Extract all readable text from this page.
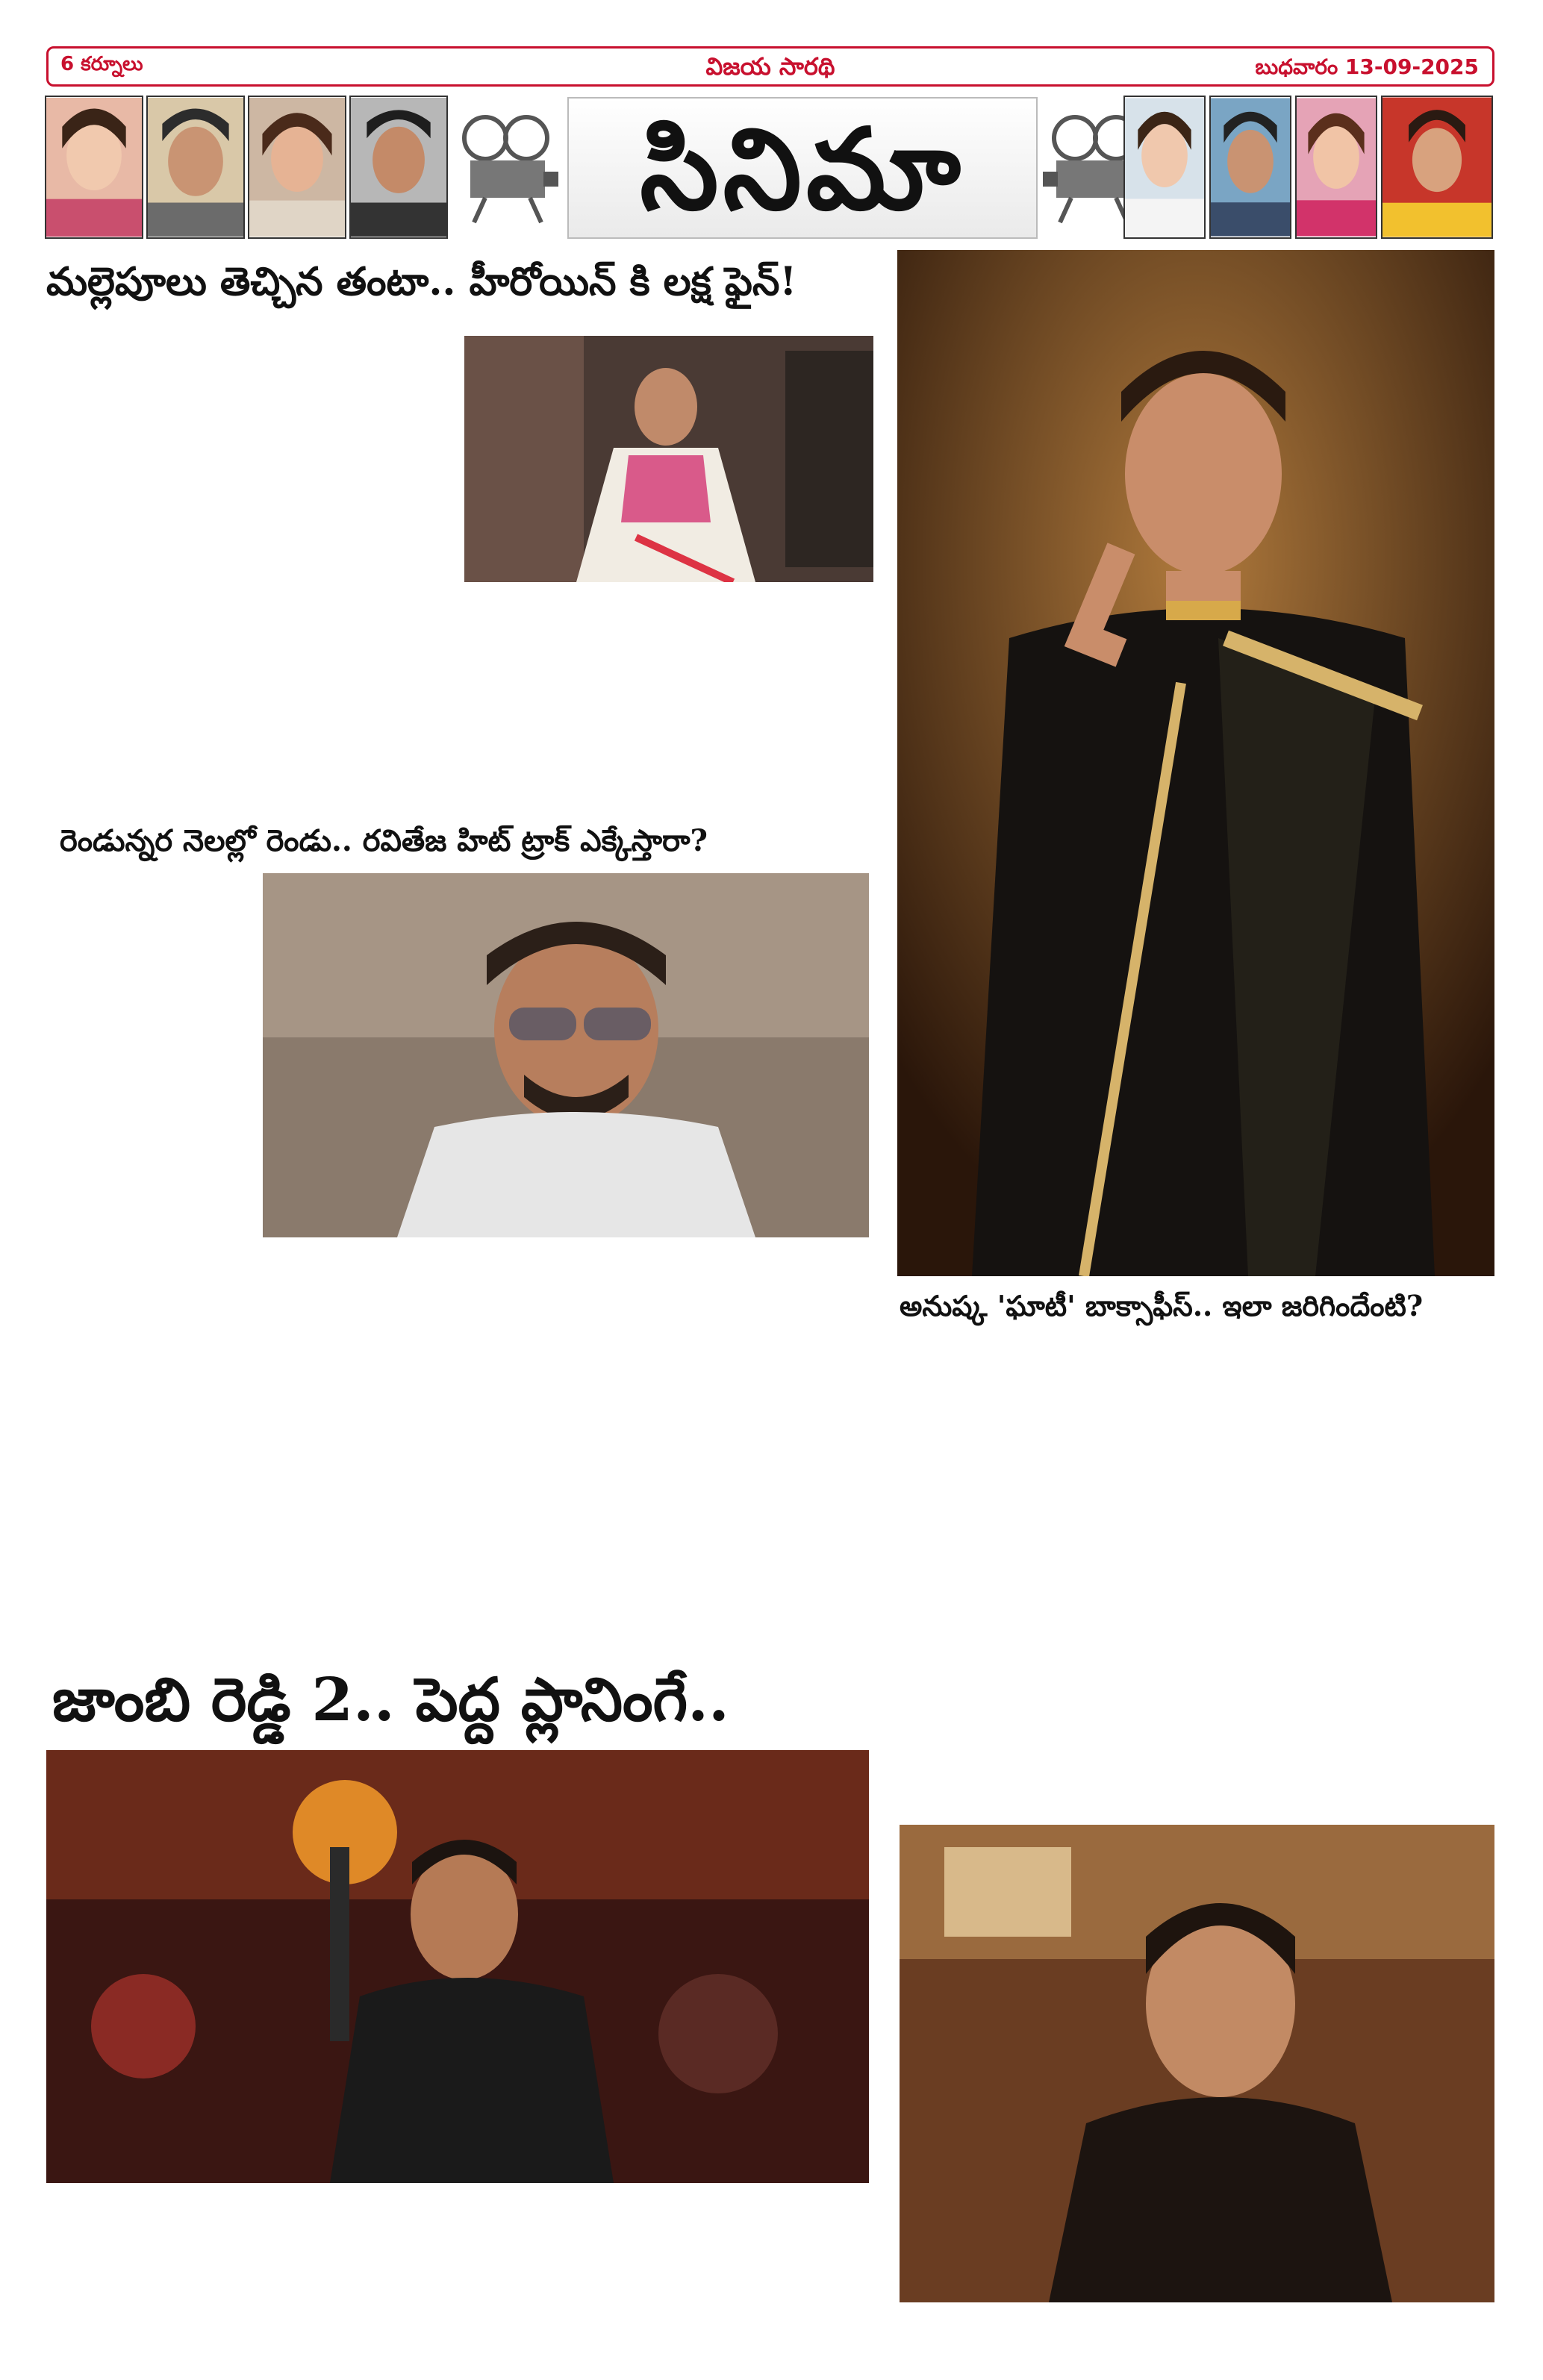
విజయ సారథి
6 కర్నూలు	బుధవారం 13-09-2025
సినిమా
మల్లెపూలు తెచ్చిన తంటా.. హీరోయిన్ కి లక్ష ఫైన్!
రెండున్నర నెలల్లో రెండు.. రవితేజ హిట్ ట్రాక్ ఎక్కేస్తారా?
అనుష్క 'ఘాటీ' బాక్సాఫీస్.. ఇలా జరిగిందేంటి?
జాంబి రెడ్డి 2.. పెద్ద ప్లానింగే..
